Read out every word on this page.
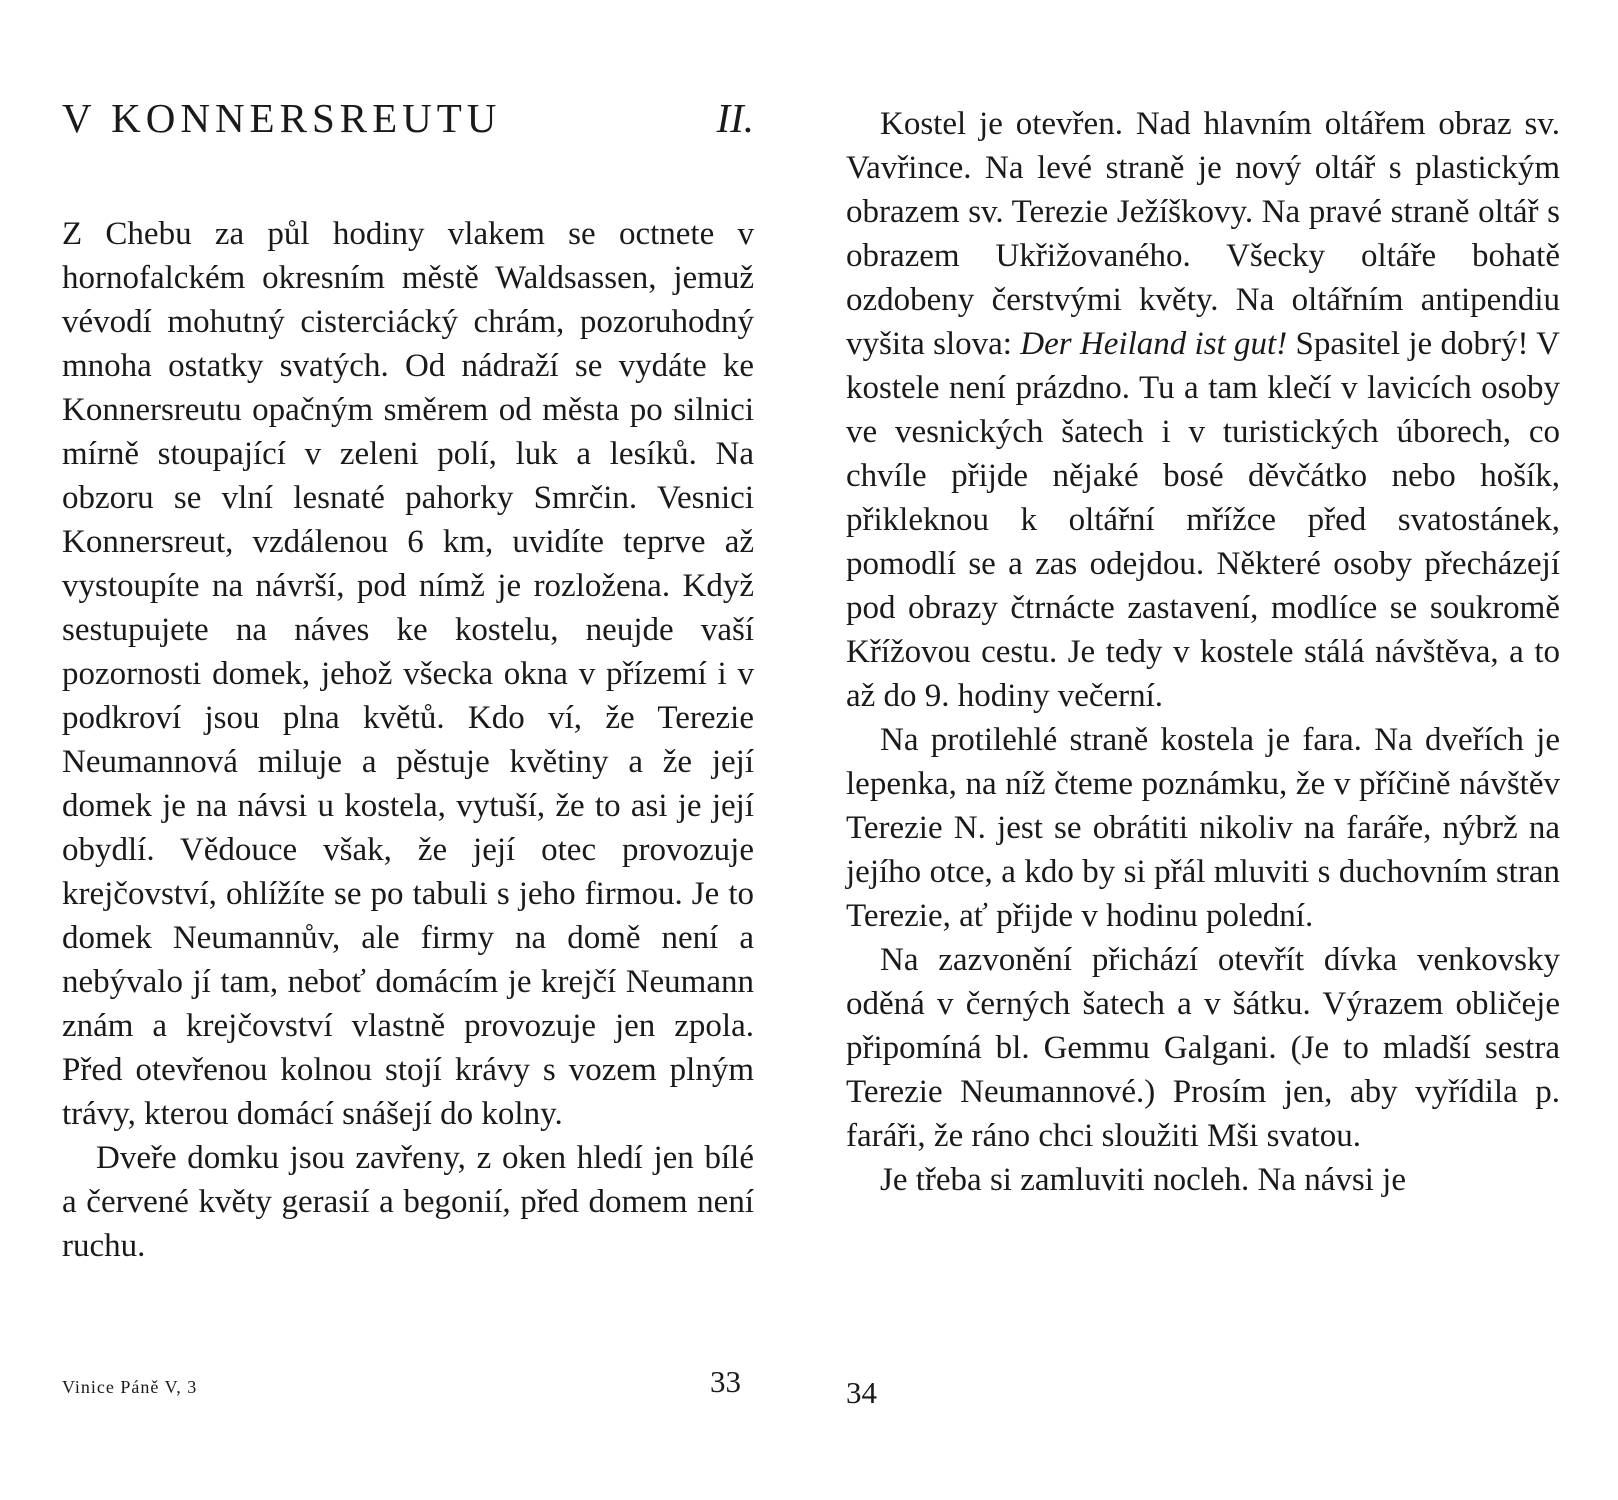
V KONNERSREUTU	II.

Z Chebu za půl hodiny vlakem se octnete v hornofalckém okresním městě Waldsassen, jemuž vévodí mohutný cisterciácký chrám, pozoruhodný mnoha ostatky svatých. Od nádraží se vydáte ke Konnersreutu opačným směrem od města po silnici mírně stoupající v zeleni polí, luk a lesíků. Na obzoru se vlní lesnaté pahorky Smrčin. Vesnici Konnersreut, vzdálenou 6 km, uvidíte teprve až vystoupíte na návrší, pod nímž je rozložena. Když sestupujete na náves ke kostelu, neujde vaší pozornosti domek, jehož všecka okna v přízemí i v podkroví jsou plna květů. Kdo ví, že Terezie Neumannová miluje a pěstuje květiny a že její domek je na návsi u kostela, vytuší, že to asi je její obydlí. Vědouce však, že její otec provozuje krejčovství, ohlížíte se po tabuli s jeho firmou. Je to domek Neumannův, ale firmy na domě není a nebývalo jí tam, neboť domácím je krejčí Neumann znám a krejčovství vlastně provozuje jen zpola. Před otevřenou kolnou stojí krávy s vozem plným trávy, kterou domácí snášejí do kolny.

Dveře domku jsou zavřeny, z oken hledí jen bílé a červené květy gerasií a begonií, před domem není ruchu.

Vinice Páně V, 3	33

Kostel je otevřen. Nad hlavním oltářem obraz sv. Vavřince. Na levé straně je nový oltář s plastickým obrazem sv. Terezie Ježíškovy. Na pravé straně oltář s obrazem Ukřižovaného. Všecky oltáře bohatě ozdobeny čerstvými květy. Na oltářním antipendiu vyšita slova: Der Heiland ist gut! Spasitel je dobrý! V kostele není prázdno. Tu a tam klečí v lavicích osoby ve vesnických šatech i v turistických úborech, co chvíle přijde nějaké bosé děvčátko nebo hošík, přikleknou k oltářní mřížce před svatostánek, pomodlí se a zas odejdou. Některé osoby přecházejí pod obrazy čtrnácte zastavení, modlíce se soukromě Křížovou cestu. Je tedy v kostele stálá návštěva, a to až do 9. hodiny večerní.

Na protilehlé straně kostela je fara. Na dveřích je lepenka, na níž čteme poznámku, že v příčině návštěv Terezie N. jest se obrátiti nikoliv na faráře, nýbrž na jejího otce, a kdo by si přál mluviti s duchovním stran Terezie, ať přijde v hodinu polední.

Na zazvonění přichází otevřít dívka venkovsky oděná v černých šatech a v šátku. Výrazem obličeje připomíná bl. Gemmu Galgani. (Je to mladší sestra Terezie Neumannové.) Prosím jen, aby vyřídila p. faráři, že ráno chci sloužiti Mši svatou.

Je třeba si zamluviti nocleh. Na návsi je

34
